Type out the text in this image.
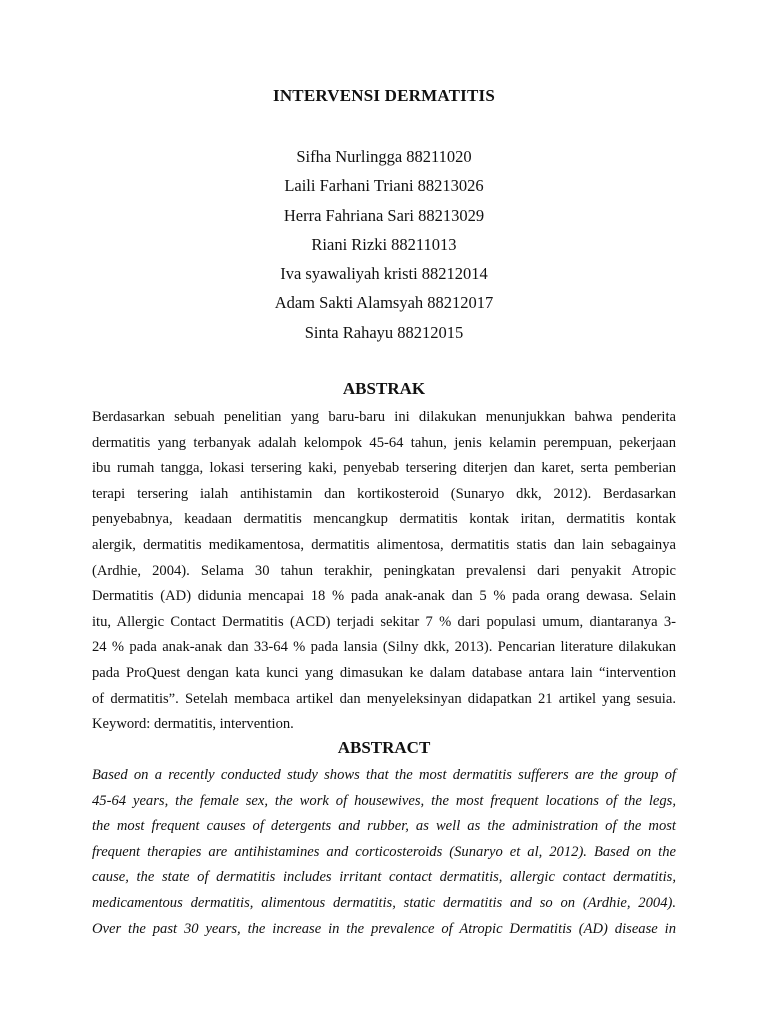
INTERVENSI DERMATITIS
Sifha Nurlingga 88211020
Laili Farhani Triani 88213026
Herra Fahriana Sari 88213029
Riani Rizki 88211013
Iva syawaliyah kristi 88212014
Adam Sakti Alamsyah 88212017
Sinta Rahayu 88212015
ABSTRAK
Berdasarkan sebuah penelitian yang baru-baru ini dilakukan menunjukkan bahwa penderita
dermatitis yang terbanyak adalah kelompok 45-64 tahun, jenis kelamin perempuan, pekerjaan
ibu rumah tangga, lokasi tersering kaki, penyebab tersering diterjen dan karet, serta pemberian
terapi tersering ialah antihistamin dan kortikosteroid (Sunaryo dkk, 2012). Berdasarkan
penyebabnya, keadaan dermatitis mencangkup dermatitis kontak iritan, dermatitis kontak
alergik, dermatitis medikamentosa, dermatitis alimentosa, dermatitis statis dan lain sebagainya
(Ardhie, 2004). Selama 30 tahun terakhir, peningkatan prevalensi dari penyakit Atropic
Dermatitis (AD) didunia mencapai 18 % pada anak-anak dan 5 % pada orang dewasa. Selain
itu, Allergic Contact Dermatitis (ACD) terjadi sekitar 7 % dari populasi umum, diantaranya 3-
24 % pada anak-anak dan 33-64 % pada lansia (Silny dkk, 2013). Pencarian literature dilakukan
pada ProQuest dengan kata kunci yang dimasukan ke dalam database antara lain “intervention
of dermatitis”. Setelah membaca artikel dan menyeleksinyan didapatkan 21 artikel yang sesuia.
Keyword: dermatitis, intervention.
ABSTRACT
Based on a recently conducted study shows that the most dermatitis sufferers are the group of
45-64 years, the female sex, the work of housewives, the most frequent locations of the legs,
the most frequent causes of detergents and rubber, as well as the administration of the most
frequent therapies are antihistamines and corticosteroids (Sunaryo et al, 2012). Based on the
cause, the state of dermatitis includes irritant contact dermatitis, allergic contact dermatitis,
medicamentous dermatitis, alimentous dermatitis, static dermatitis and so on (Ardhie, 2004).
Over the past 30 years, the increase in the prevalence of Atropic Dermatitis (AD) disease in
